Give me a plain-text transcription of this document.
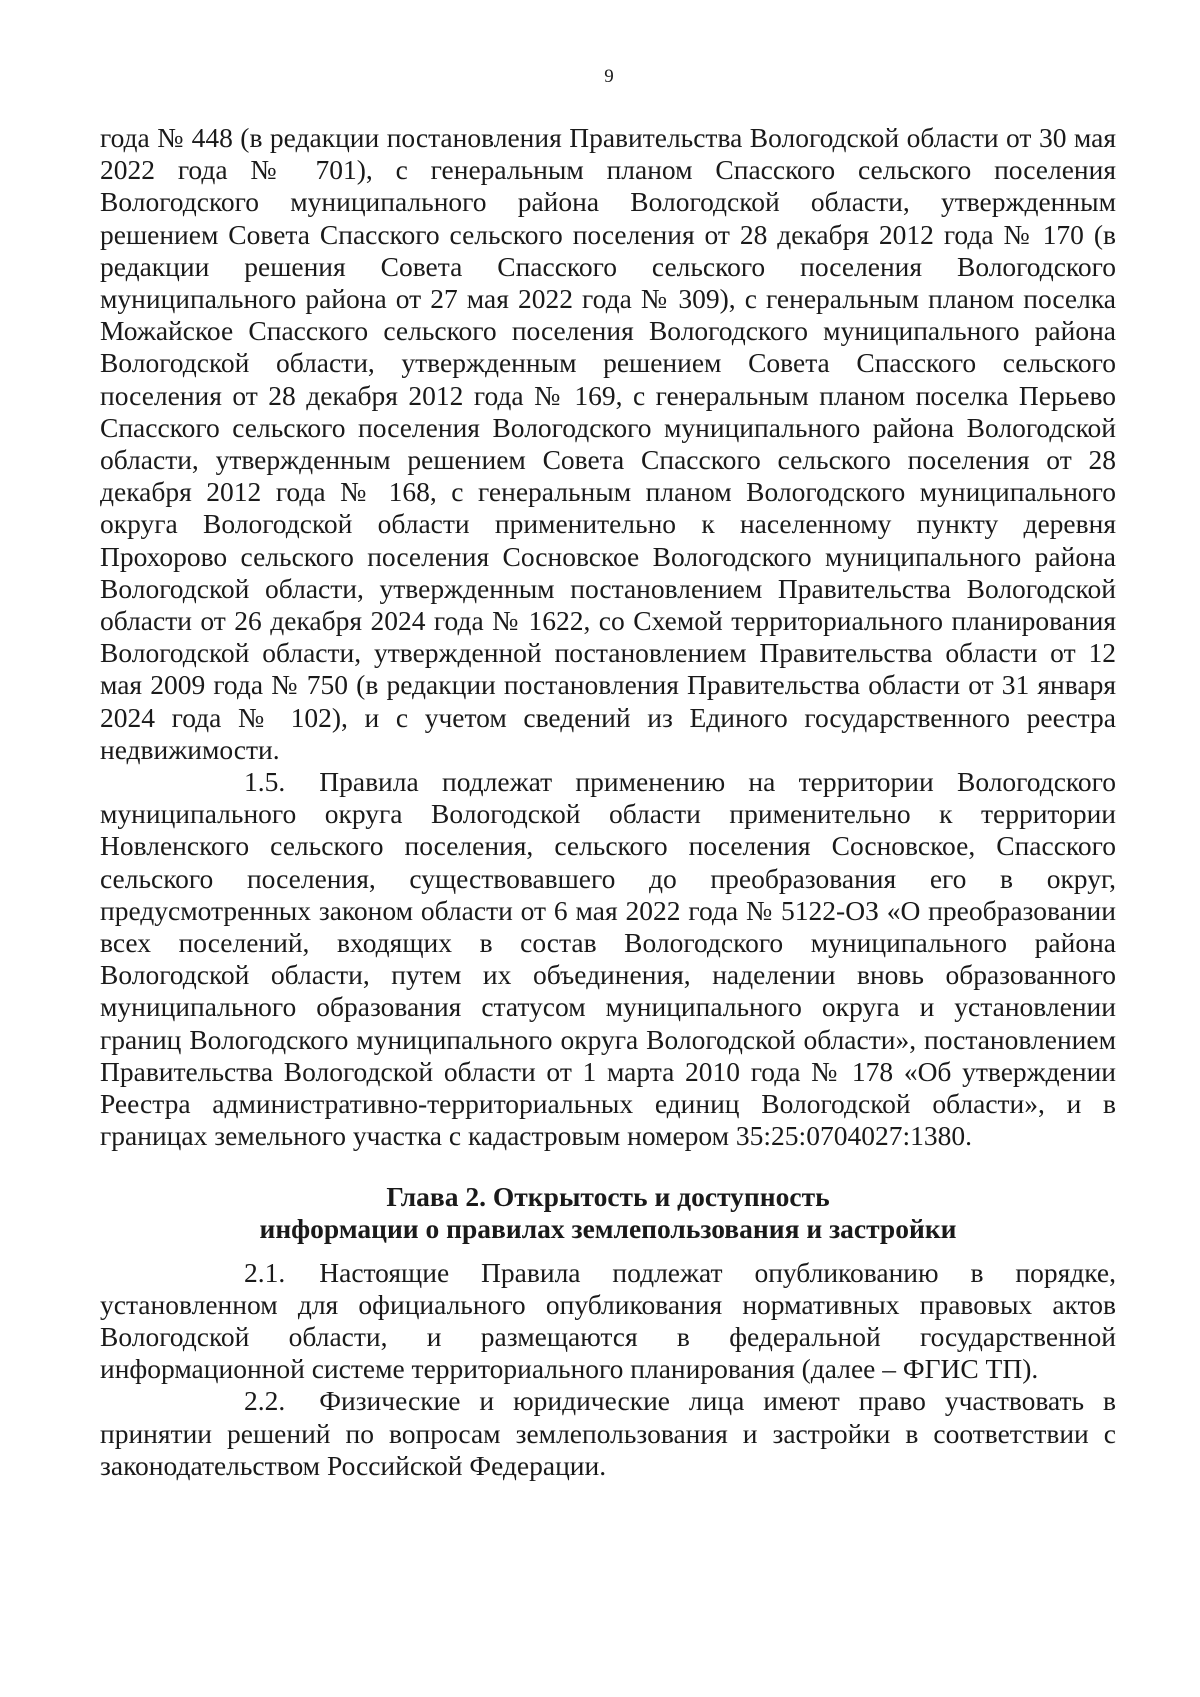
9

года № 448 (в редакции постановления Правительства Вологодской области от 30 мая 2022 года № 701), с генеральным планом Спасского сельского поселения Вологодского муниципального района Вологодской области, утвержденным решением Совета Спасского сельского поселения от 28 декабря 2012 года № 170 (в редакции решения Совета Спасского сельского поселения Вологодского муниципального района от 27 мая 2022 года № 309), с генеральным планом поселка Можайское Спасского сельского поселения Вологодского муниципального района Вологодской области, утвержденным решением Совета Спасского сельского поселения от 28 декабря 2012 года № 169, с генеральным планом поселка Перьево Спасского сельского поселения Вологодского муниципального района Вологодской области, утвержденным решением Совета Спасского сельского поселения от 28 декабря 2012 года № 168, с генеральным планом Вологодского муниципального округа Вологодской области применительно к населенному пункту деревня Прохорово сельского поселения Сосновское Вологодского муниципального района Вологодской области, утвержденным постановлением Правительства Вологодской области от 26 декабря 2024 года № 1622, со Схемой территориального планирования Вологодской области, утвержденной постановлением Правительства области от 12 мая 2009 года № 750 (в редакции постановления Правительства области от 31 января 2024 года № 102), и с учетом сведений из Единого государственного реестра недвижимости.

1.5. Правила подлежат применению на территории Вологодского муниципального округа Вологодской области применительно к территории Новленского сельского поселения, сельского поселения Сосновское, Спасского сельского поселения, существовавшего до преобразования его в округ, предусмотренных законом области от 6 мая 2022 года № 5122-ОЗ «О преобразовании всех поселений, входящих в состав Вологодского муниципального района Вологодской области, путем их объединения, наделении вновь образованного муниципального образования статусом муниципального округа и установлении границ Вологодского муниципального округа Вологодской области», постановлением Правительства Вологодской области от 1 марта 2010 года № 178 «Об утверждении Реестра административно-территориальных единиц Вологодской области», и в границах земельного участка с кадастровым номером 35:25:0704027:1380.

Глава 2. Открытость и доступность
информации о правилах землепользования и застройки

2.1. Настоящие Правила подлежат опубликованию в порядке, установленном для официального опубликования нормативных правовых актов Вологодской области, и размещаются в федеральной государственной информационной системе территориального планирования (далее – ФГИС ТП).

2.2. Физические и юридические лица имеют право участвовать в принятии решений по вопросам землепользования и застройки в соответствии с законодательством Российской Федерации.
